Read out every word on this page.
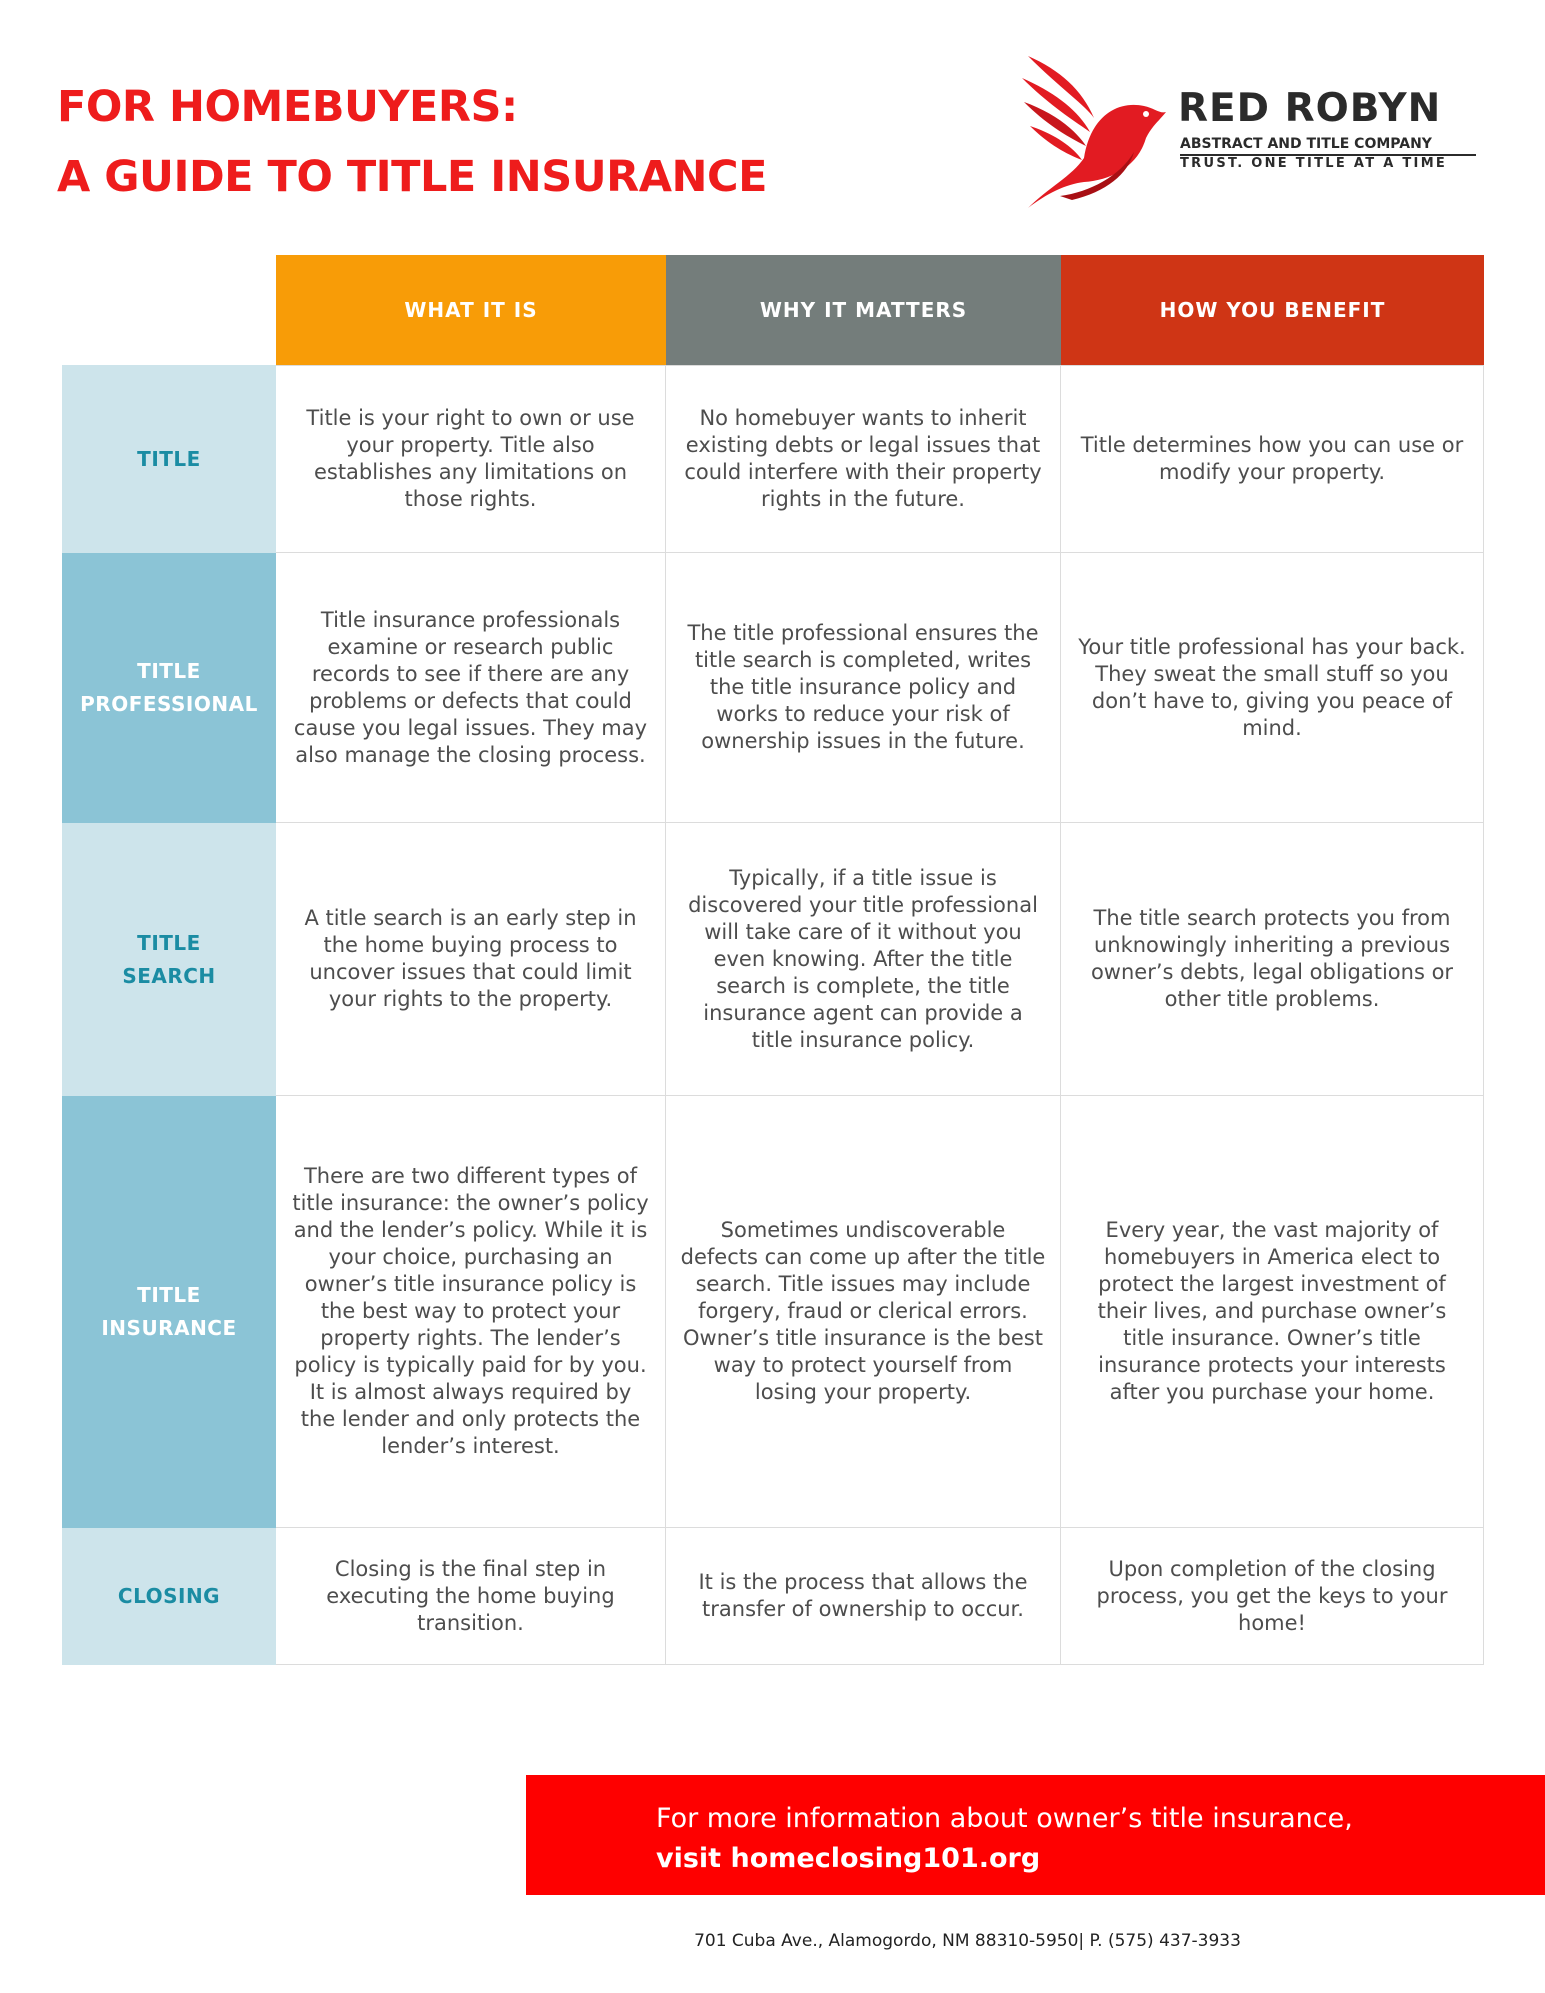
FOR HOMEBUYERS:
A GUIDE TO TITLE INSURANCE
RED ROBYN
ABSTRACT AND TITLE COMPANY
TRUST. ONE TITLE AT A TIME
WHAT IT IS	WHY IT MATTERS	HOW YOU BENEFIT
TITLE
Title is your right to own or use your property. Title also establishes any limitations on those rights.
No homebuyer wants to inherit existing debts or legal issues that could interfere with their property rights in the future.
Title determines how you can use or modify your property.
TITLE
PROFESSIONAL
Title insurance professionals examine or research public records to see if there are any problems or defects that could cause you legal issues. They may also manage the closing process.
The title professional ensures the title search is completed, writes the title insurance policy and works to reduce your risk of ownership issues in the future.
Your title professional has your back. They sweat the small stuff so you don’t have to, giving you peace of mind.
TITLE
SEARCH
A title search is an early step in the home buying process to uncover issues that could limit your rights to the property.
Typically, if a title issue is discovered your title professional will take care of it without you even knowing. After the title search is complete, the title insurance agent can provide a title insurance policy.
The title search protects you from unknowingly inheriting a previous owner’s debts, legal obligations or other title problems.
TITLE
INSURANCE
There are two different types of title insurance: the owner’s policy and the lender’s policy. While it is your choice, purchasing an owner’s title insurance policy is the best way to protect your property rights. The lender’s policy is typically paid for by you. It is almost always required by the lender and only protects the lender’s interest.
Sometimes undiscoverable defects can come up after the title search. Title issues may include forgery, fraud or clerical errors. Owner’s title insurance is the best way to protect yourself from losing your property.
Every year, the vast majority of homebuyers in America elect to protect the largest investment of their lives, and purchase owner’s title insurance. Owner’s title insurance protects your interests after you purchase your home.
CLOSING
Closing is the final step in executing the home buying transition.
It is the process that allows the transfer of ownership to occur.
Upon completion of the closing process, you get the keys to your home!
For more information about owner’s title insurance,
visit homeclosing101.org
701 Cuba Ave., Alamogordo, NM 88310-5950| P. (575) 437-3933
